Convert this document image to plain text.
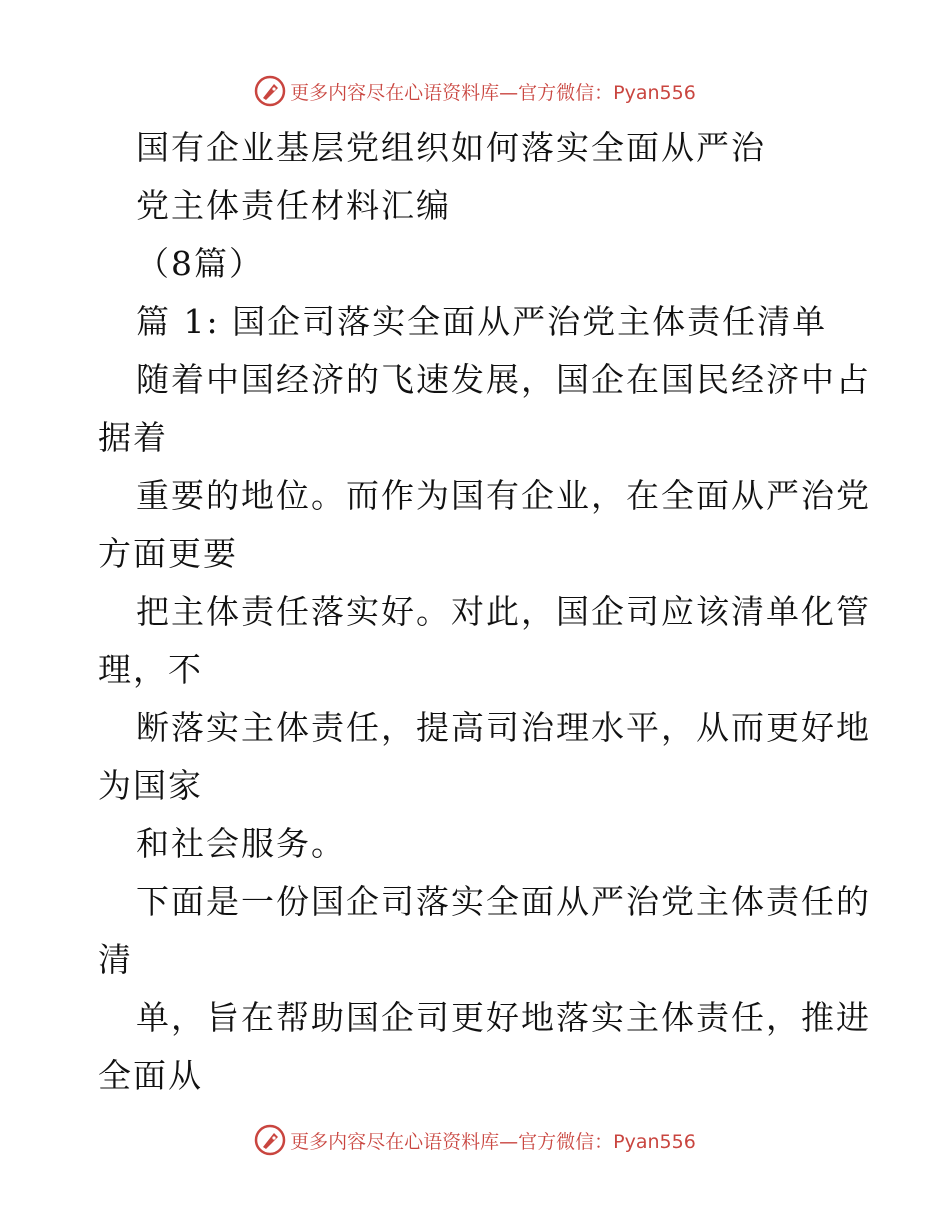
更多内容尽在心语资料库—官方微信：Pyan556
国有企业基层党组织如何落实全面从严治
党主体责任材料汇编
（8篇）
篇 1: 国企司落实全面从严治党主体责任清单
随着中国经济的飞速发展，国企在国民经济中占
据着
重要的地位。而作为国有企业，在全面从严治党
方面更要
把主体责任落实好。对此，国企司应该清单化管
理，不
断落实主体责任，提高司治理水平，从而更好地
为国家
和社会服务。
下面是一份国企司落实全面从严治党主体责任的
清
单，旨在帮助国企司更好地落实主体责任，推进
全面从
更多内容尽在心语资料库—官方微信：Pyan556
